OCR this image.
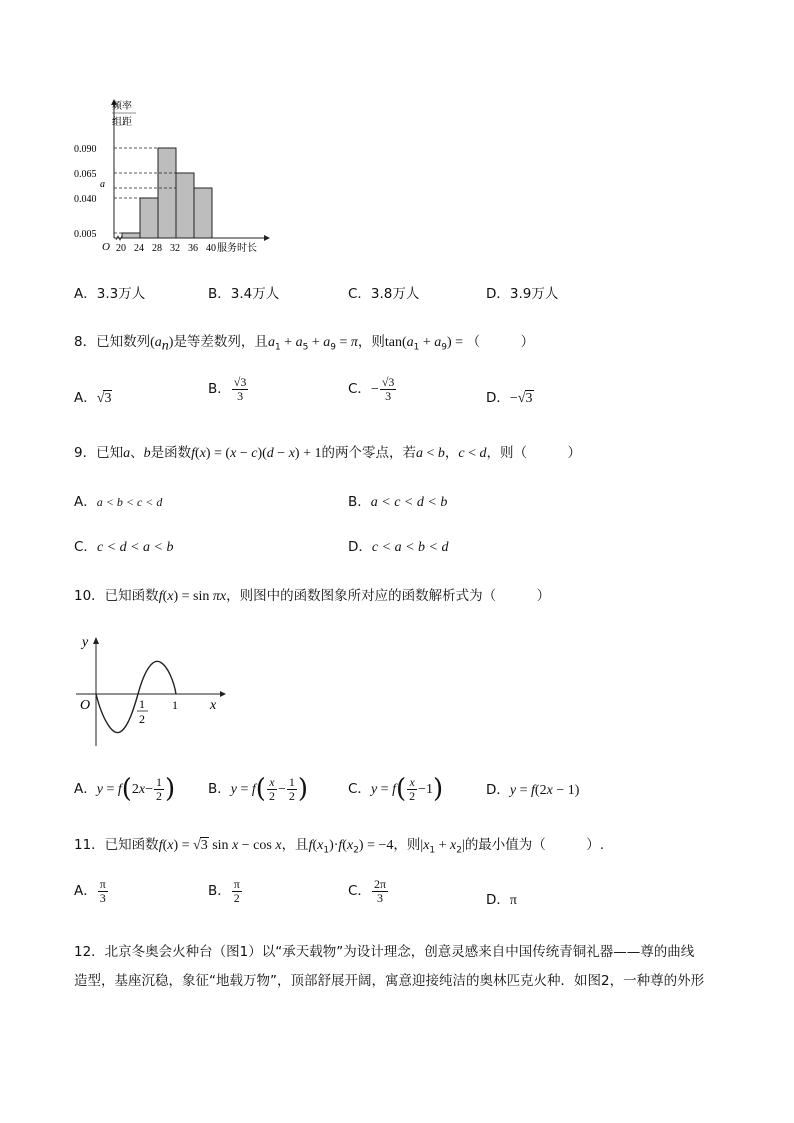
0.090
0.065
a
0.040
0.005
20 24 28 32 36 40
O	服务时长
频率
组距
A．3.3万人	B．3.4万人	C．3.8万人	D．3.9万人
8．已知数列$(a_n)$是等差数列，且$a_1 + a_5 + a_9 = \pi$，则$\tan(a_1 + a_9)$ = （　　　）
A．√3
B． $\frac{√3}{3}$	C．− $\frac{√3}{3}$	D．−√3
9．已知a、b是函数f(x) = (x − c)(d − x) + 1的两个零点，若a < b，c < d，则（　　　）
A．a < b < c < d	B．a < c < d < b
C．c < d < a < b	D．c < a < b < d
10．已知函数f(x) = sin πx，则图中的函数图象所对应的函数解析式为（　　　）
y
x
O	1
2
1
A．$y = f(2x- \frac{1}{2}$ ) B．$y = f( \frac{x}{2} - \frac{1}{2}$ )	C．$y = f( \frac{x}{2} -1)$	D．y = f(2x − 1)
11．已知函数f(x) = √3 sin x − cos x，且$f(x_1)\cdot f(x_2) = -4$，则$|x_1 + x_2|$的最小值为（　　　）.
A． $\frac{\pi}{3}$	B． $\frac{\pi}{2}$	C． $\frac{2\pi}{3}$	D．π
12．北京冬奥会火种台（图1）以“承天载物”为设计理念，创意灵感来自中国传统青铜礼器——尊的曲线
造型，基座沉稳，象征“地载万物”，顶部舒展开阔，寓意迎接纯洁的奥林匹克火种．如图2，一种尊的外形
